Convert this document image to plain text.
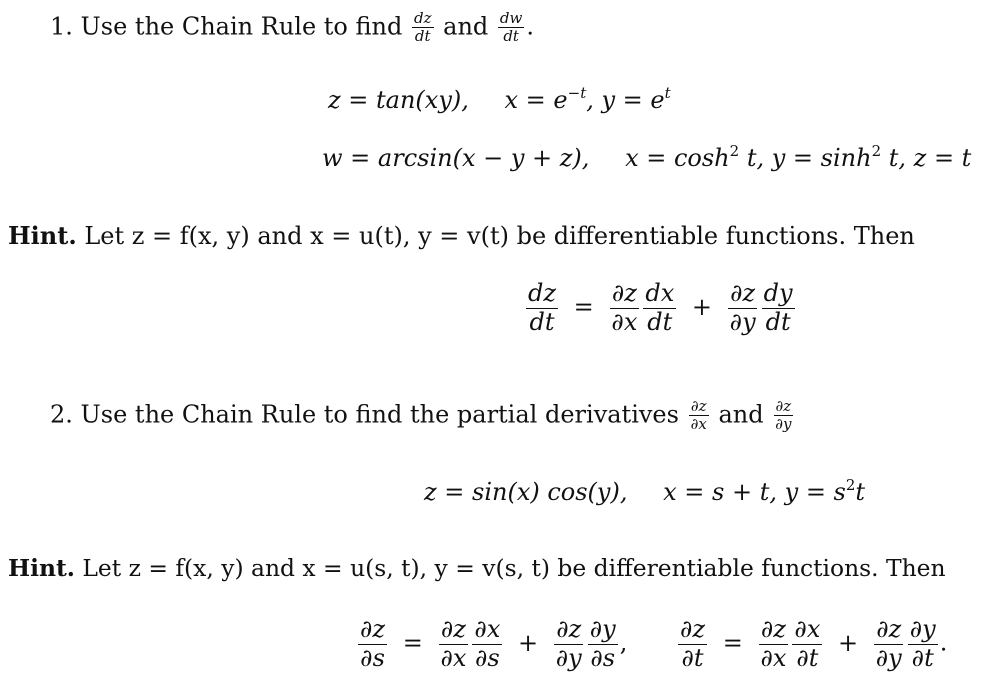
1. Use the Chain Rule to find $\frac{dz}{dt}$ and $\frac{dw}{dt}$ .
z = tan(xy), $x = e^{-t}$, $y = e^t$
w = arcsin(x − y + z), $x = \cosh^2 t$, $y = \sinh^2 t$, z = t
Hint. Let z = f(x, y) and x = u(t), y = v(t) be differentiable functions. Then
$\frac{dz}{dt} = \frac{\partial z}{\partial x} \frac{dx}{dt} + \frac{\partial z}{\partial y} \frac{dy}{dt}$
2. Use the Chain Rule to find the partial derivatives $\frac{\partial z}{\partial x}$ and $\frac{\partial z}{\partial y}$
z = sin(x) cos(y), x = s + t, $y = s^2t$
Hint. Let z = f(x, y) and x = u(s, t), y = v(s, t) be differentiable functions. Then
$\frac{\partial z}{\partial s} = \frac{\partial z}{\partial x} \frac{\partial x}{\partial s} + \frac{\partial z}{\partial y} \frac{\partial y}{\partial s}$ , $\frac{\partial z}{\partial t} = \frac{\partial z}{\partial x} \frac{\partial x}{\partial t} + \frac{\partial z}{\partial y} \frac{\partial y}{\partial t}$ .
